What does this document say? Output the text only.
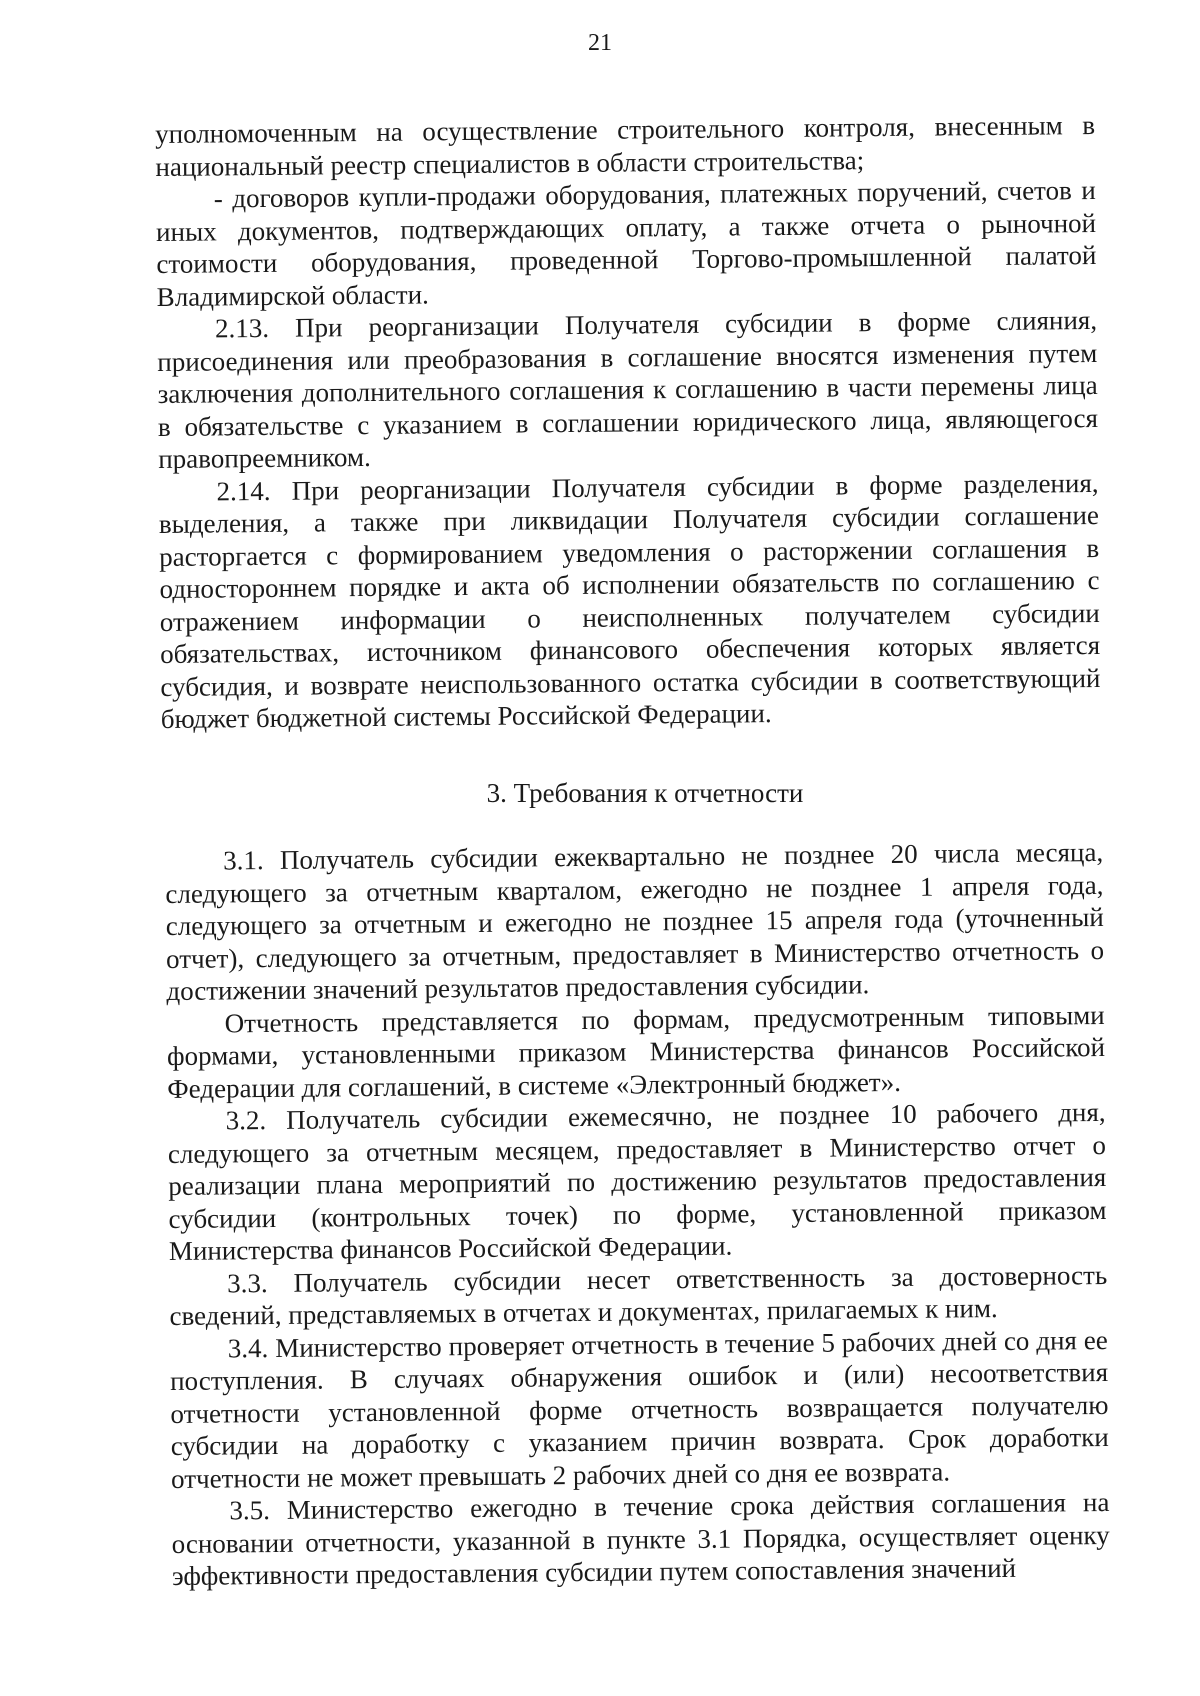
21

уполномоченным на осуществление строительного контроля, внесенным в национальный реестр специалистов в области строительства;

- договоров купли-продажи оборудования, платежных поручений, счетов и иных документов, подтверждающих оплату, а также отчета о рыночной стоимости оборудования, проведенной Торгово-промышленной палатой Владимирской области.

2.13. При реорганизации Получателя субсидии в форме слияния, присоединения или преобразования в соглашение вносятся изменения путем заключения дополнительного соглашения к соглашению в части перемены лица в обязательстве с указанием в соглашении юридического лица, являющегося правопреемником.

2.14. При реорганизации Получателя субсидии в форме разделения, выделения, а также при ликвидации Получателя субсидии соглашение расторгается с формированием уведомления о расторжении соглашения в одностороннем порядке и акта об исполнении обязательств по соглашению с отражением информации о неисполненных получателем субсидии обязательствах, источником финансового обеспечения которых является субсидия, и возврате неиспользованного остатка субсидии в соответствующий бюджет бюджетной системы Российской Федерации.

3. Требования к отчетности

3.1. Получатель субсидии ежеквартально не позднее 20 числа месяца, следующего за отчетным кварталом, ежегодно не позднее 1 апреля года, следующего за отчетным и ежегодно не позднее 15 апреля года (уточненный отчет), следующего за отчетным, предоставляет в Министерство отчетность о достижении значений результатов предоставления субсидии.

Отчетность представляется по формам, предусмотренным типовыми формами, установленными приказом Министерства финансов Российской Федерации для соглашений, в системе «Электронный бюджет».

3.2. Получатель субсидии ежемесячно, не позднее 10 рабочего дня, следующего за отчетным месяцем, предоставляет в Министерство отчет о реализации плана мероприятий по достижению результатов предоставления субсидии (контрольных точек) по форме, установленной приказом Министерства финансов Российской Федерации.

3.3. Получатель субсидии несет ответственность за достоверность сведений, представляемых в отчетах и документах, прилагаемых к ним.

3.4. Министерство проверяет отчетность в течение 5 рабочих дней со дня ее поступления. В случаях обнаружения ошибок и (или) несоответствия отчетности установленной форме отчетность возвращается получателю субсидии на доработку с указанием причин возврата. Срок доработки отчетности не может превышать 2 рабочих дней со дня ее возврата.

3.5. Министерство ежегодно в течение срока действия соглашения на основании отчетности, указанной в пункте 3.1 Порядка, осуществляет оценку эффективности предоставления субсидии путем сопоставления значений
